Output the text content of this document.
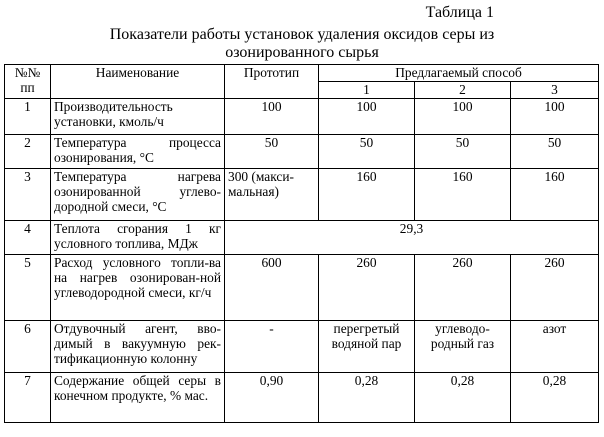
Таблица 1
Показатели работы установок удаления оксидов серы из
озонированного сырья
№№
пп	Наименование	Прототип	Предлагаемый способ		
			1	2	3
1	Производительность установки, кмоль/ч	100	100	100	100
2	Температура процесса озонирования, °С	50	50	50	50
3	Температура нагрева озонированной углево-дородной смеси, °С	300 (макси-мальная)	160	160	160
4	Теплота сгорания 1 кг условного топлива, МДж	29,3			
5	Расход условного топли-ва на нагрев озонирован-ной углеводородной смеси, кг/ч	600	260	260	260
6	Отдувочный агент, вво-димый в вакуумную рек-тификационную колонну	-	перегретый водяной пар	углеводо-родный газ	азот
7	Содержание общей серы в конечном продукте, % мас.	0,90	0,28	0,28	0,28
